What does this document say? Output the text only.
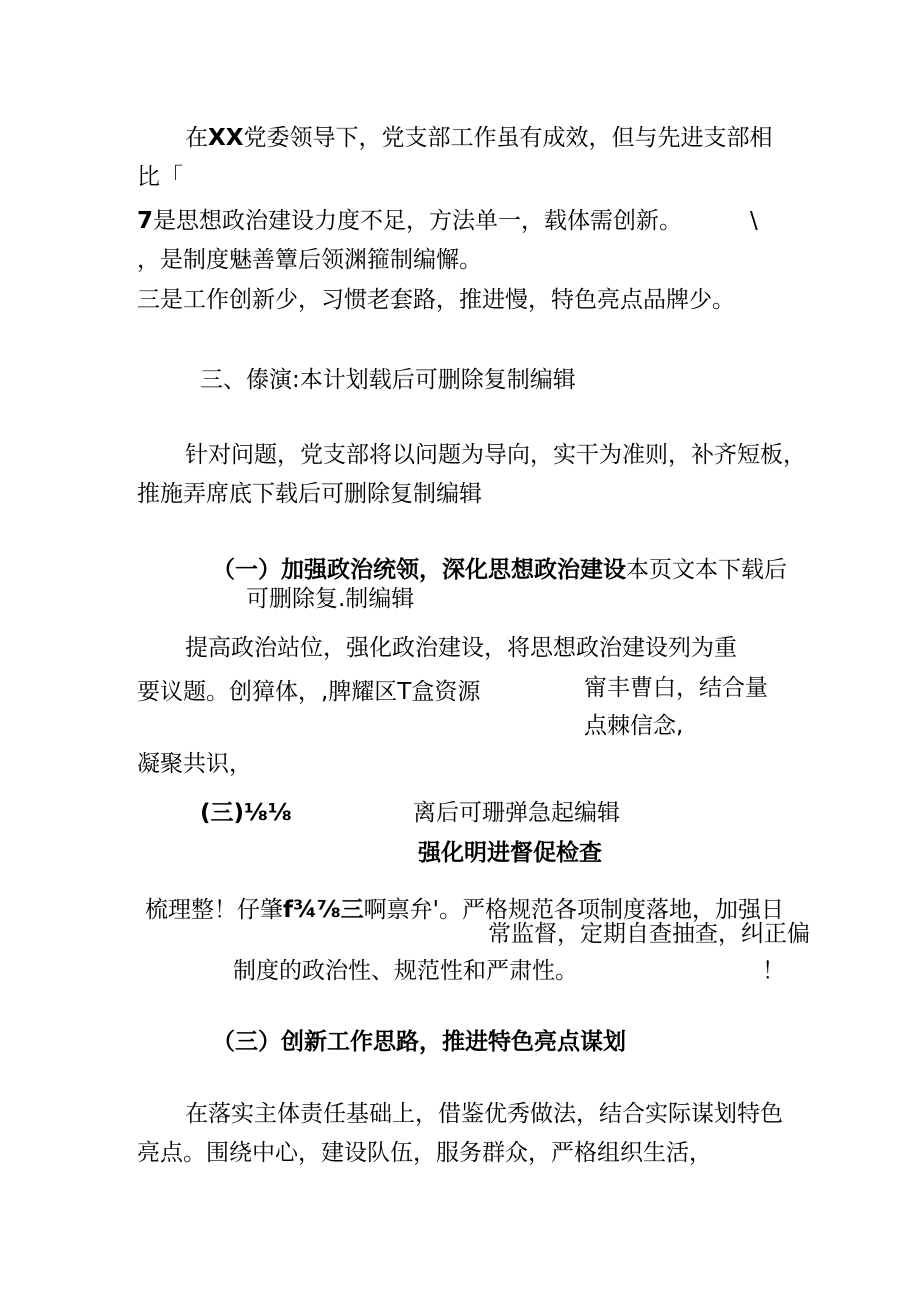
在XX党委领导下，党支部工作虽有成效，但与先进支部相
比「
7是思想政治建设力度不足，方法单一，载体需创新。	\
，是制度魅善簟后领渊箍制编懈。
三是工作创新少，习惯老套路，推进慢，特色亮点品牌少。
三、傣演:本计划载后可删除复制编辑
针对问题，党支部将以问题为导向，实干为准则，补齐短板，
推施弄席底下载后可删除复制编辑
（一）加强政治统领，深化思想政治建设本页文本下载后
可删除复.制编辑
提高政治站位，强化政治建设，将思想政治建设列为重
要议题。创獐体，,脾耀区T盒资源	甯丰曹白，结合量
点棘信念,
凝聚共识，
(三)⅛⅛	离后可珊弹急起编辑
强化明进督促检查
梳理整！仔肇f¾⅞三啊禀弁'。严格规范各项制度落地，加强日
常监督，定期自查抽查，纠正偏
制度的政治性、规范性和严肃性。	！
（三）创新工作思路，推进特色亮点谋划
在落实主体责任基础上，借鉴优秀做法，结合实际谋划特色
亮点。围绕中心，建设队伍，服务群众，严格组织生活，
